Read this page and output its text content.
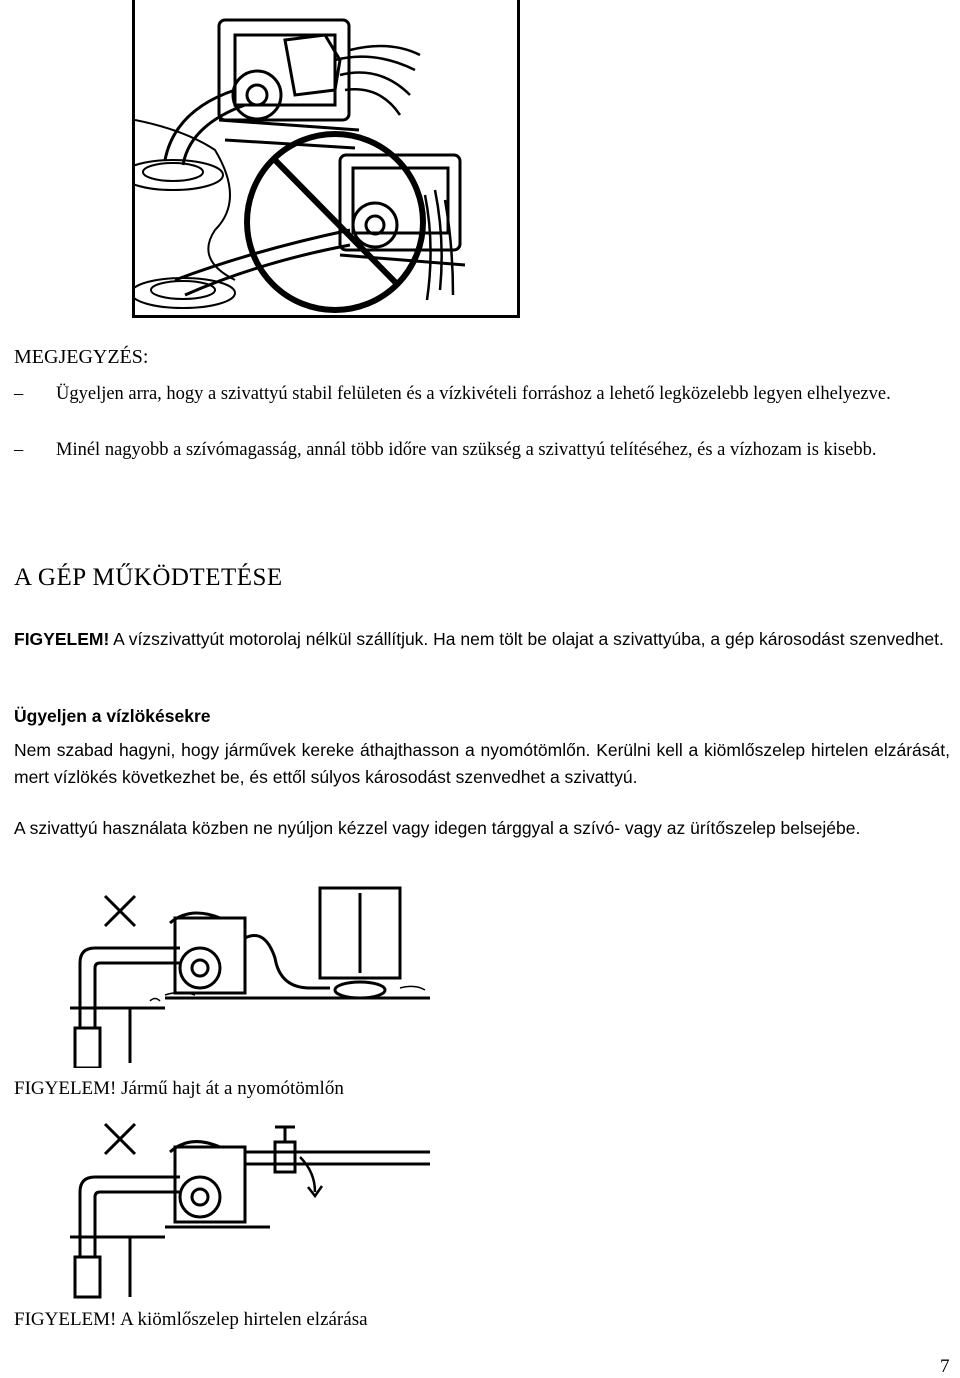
MEGJEGYZÉS:
– Ügyeljen arra, hogy a szivattyú stabil felületen és a vízkivételi forráshoz a lehető legközelebb legyen elhelyezve.
– Minél nagyobb a szívómagasság, annál több időre van szükség a szivattyú telítéséhez, és a vízhozam is kisebb.
A GÉP MŰKÖDTETÉSE
FIGYELEM! A vízszivattyút motorolaj nélkül szállítjuk. Ha nem tölt be olajat a szivattyúba, a gép károsodást szenvedhet.
Ügyeljen a vízlökésekre
Nem szabad hagyni, hogy járművek kereke áthajthasson a nyomótömlőn. Kerülni kell a kiömlőszelep hirtelen elzárását, mert vízlökés következhet be, és ettől súlyos károsodást szenvedhet a szivattyú.
A szivattyú használata közben ne nyúljon kézzel vagy idegen tárggyal a szívó- vagy az ürítőszelep belsejébe.
FIGYELEM! Jármű hajt át a nyomótömlőn
FIGYELEM! A kiömlőszelep hirtelen elzárása
7
